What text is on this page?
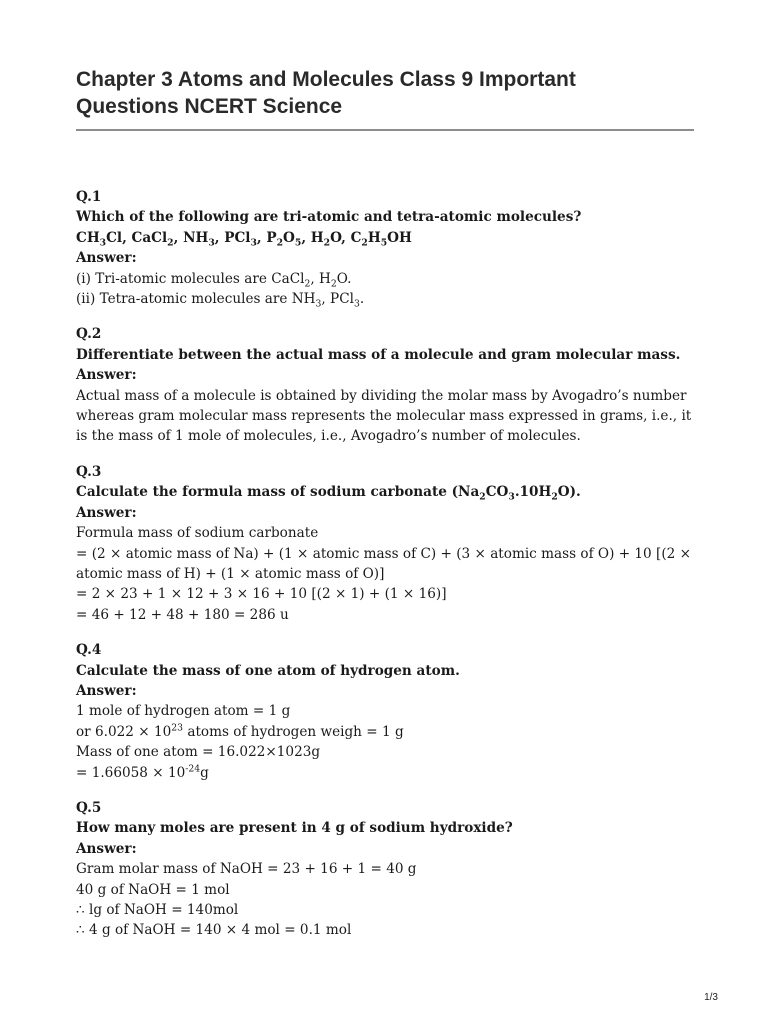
Chapter 3 Atoms and Molecules Class 9 Important
Questions NCERT Science
Q.1
Which of the following are tri-atomic and tetra-atomic molecules?
$CH_3Cl$, CaCl$_2$, $NH_3$, PCl$_3$, $P_2O_5$, $H_2O$, $C_2H_5OH$
Answer:
(i) Tri-atomic molecules are CaCl$_2$, $H_2O$.
(ii) Tetra-atomic molecules are $NH_3$, PCl$_3$.
Q.2
Differentiate between the actual mass of a molecule and gram molecular mass.
Answer:
Actual mass of a molecule is obtained by dividing the molar mass by Avogadro’s number whereas gram molecular mass represents the molecular mass expressed in grams, i.e., it is the mass of 1 mole of molecules, i.e., Avogadro’s number of molecules.
Q.3
Calculate the formula mass of sodium carbonate $(Na_2CO_3.10H_2O)$.
Answer:
Formula mass of sodium carbonate
= (2 × atomic mass of Na) + (1 × atomic mass of C) + (3 × atomic mass of O) + 10 [(2 ×
atomic mass of H) + (1 × atomic mass of O)]
= 2 × 23 + 1 × 12 + 3 × 16 + 10 [(2 × 1) + (1 × 16)]
= 46 + 12 + 48 + 180 = 286 u
Q.4
Calculate the mass of one atom of hydrogen atom.
Answer:
1 mole of hydrogen atom = 1 g
or $6.022 \times 10^{23}$ atoms of hydrogen weigh = 1 g
Mass of one atom = 16.022×1023g
= $1.66058 \times 10^{-24}g$
Q.5
How many moles are present in 4 g of sodium hydroxide?
Answer:
Gram molar mass of NaOH = 23 + 16 + 1 = 40 g
40 g of NaOH = 1 mol
∴ lg of NaOH = 140mol
∴ 4 g of NaOH = 140 × 4 mol = 0.1 mol
1/3
